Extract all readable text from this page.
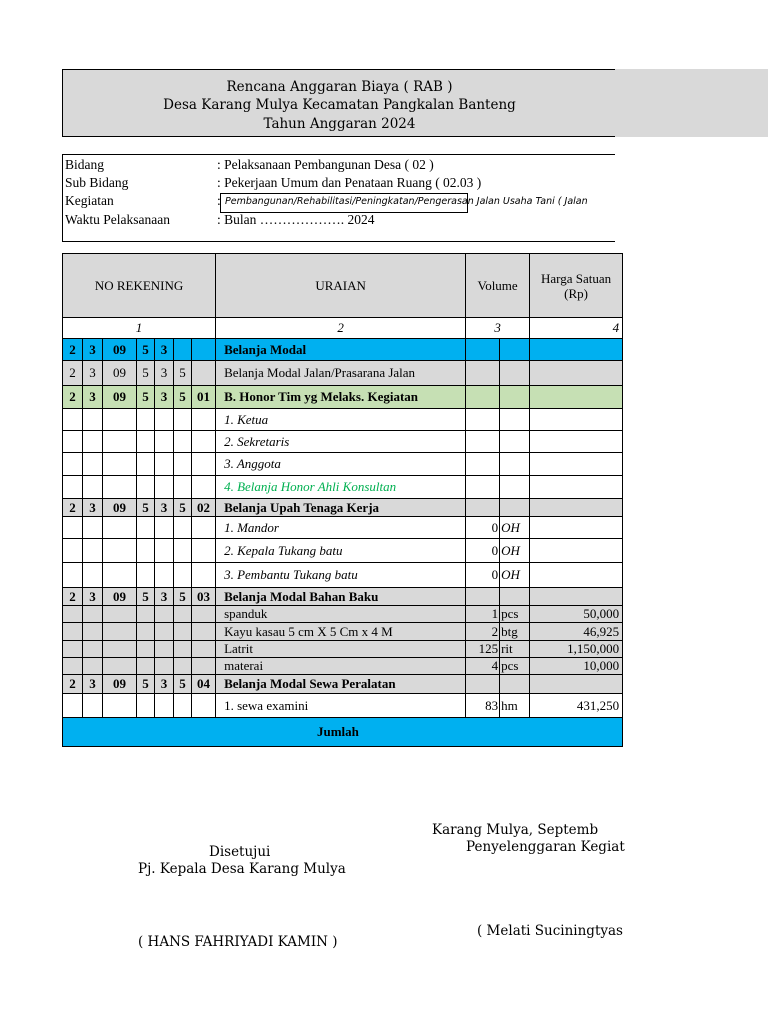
Rencana Anggaran Biaya ( RAB )
Desa Karang Mulya Kecamatan Pangkalan Banteng
Tahun Anggaran 2024
Bidang	: Pelaksanaan Pembangunan Desa ( 02 )
Sub Bidang	: Pekerjaan Umum dan Penataan Ruang ( 02.03 )
Kegiatan	: Pembangunan/Rehabilitasi/Peningkatan/Pengerasan Jalan Usaha Tani ( Jalan
Waktu Pelaksanaan	: Bulan ………………. 2024
NO REKENING							URAIAN	Volume		Harga Satuan (Rp)
1							2	3		4
2	3	09	5	3			Belanja Modal			
2	3	09	5	3	5		Belanja Modal Jalan/Prasarana Jalan			
2	3	09	5	3	5	01	B. Honor Tim yg Melaks. Kegiatan			
							1. Ketua			
							2. Sekretaris			
							3. Anggota			
							4. Belanja Honor Ahli Konsultan			
2	3	09	5	3	5	02	Belanja Upah Tenaga Kerja			
							1. Mandor	0	OH	
							2. Kepala Tukang batu	0	OH	
							3. Pembantu Tukang batu	0	OH	
2	3	09	5	3	5	03	Belanja Modal Bahan Baku			
							spanduk	1	pcs	50,000
							Kayu kasau 5 cm X 5 Cm x 4 M	2	btg	46,925
							Latrit	125	rit	1,150,000
							materai	4	pcs	10,000
2	3	09	5	3	5	04	Belanja Modal Sewa Peralatan			
							1. sewa examini	83	hm	431,250
Jumlah										
Karang Mulya, Septemb
Penyelenggaran Kegiat
Disetujui
Pj. Kepala Desa Karang Mulya
( Melati Suciningtyas
( HANS FAHRIYADI KAMIN )
